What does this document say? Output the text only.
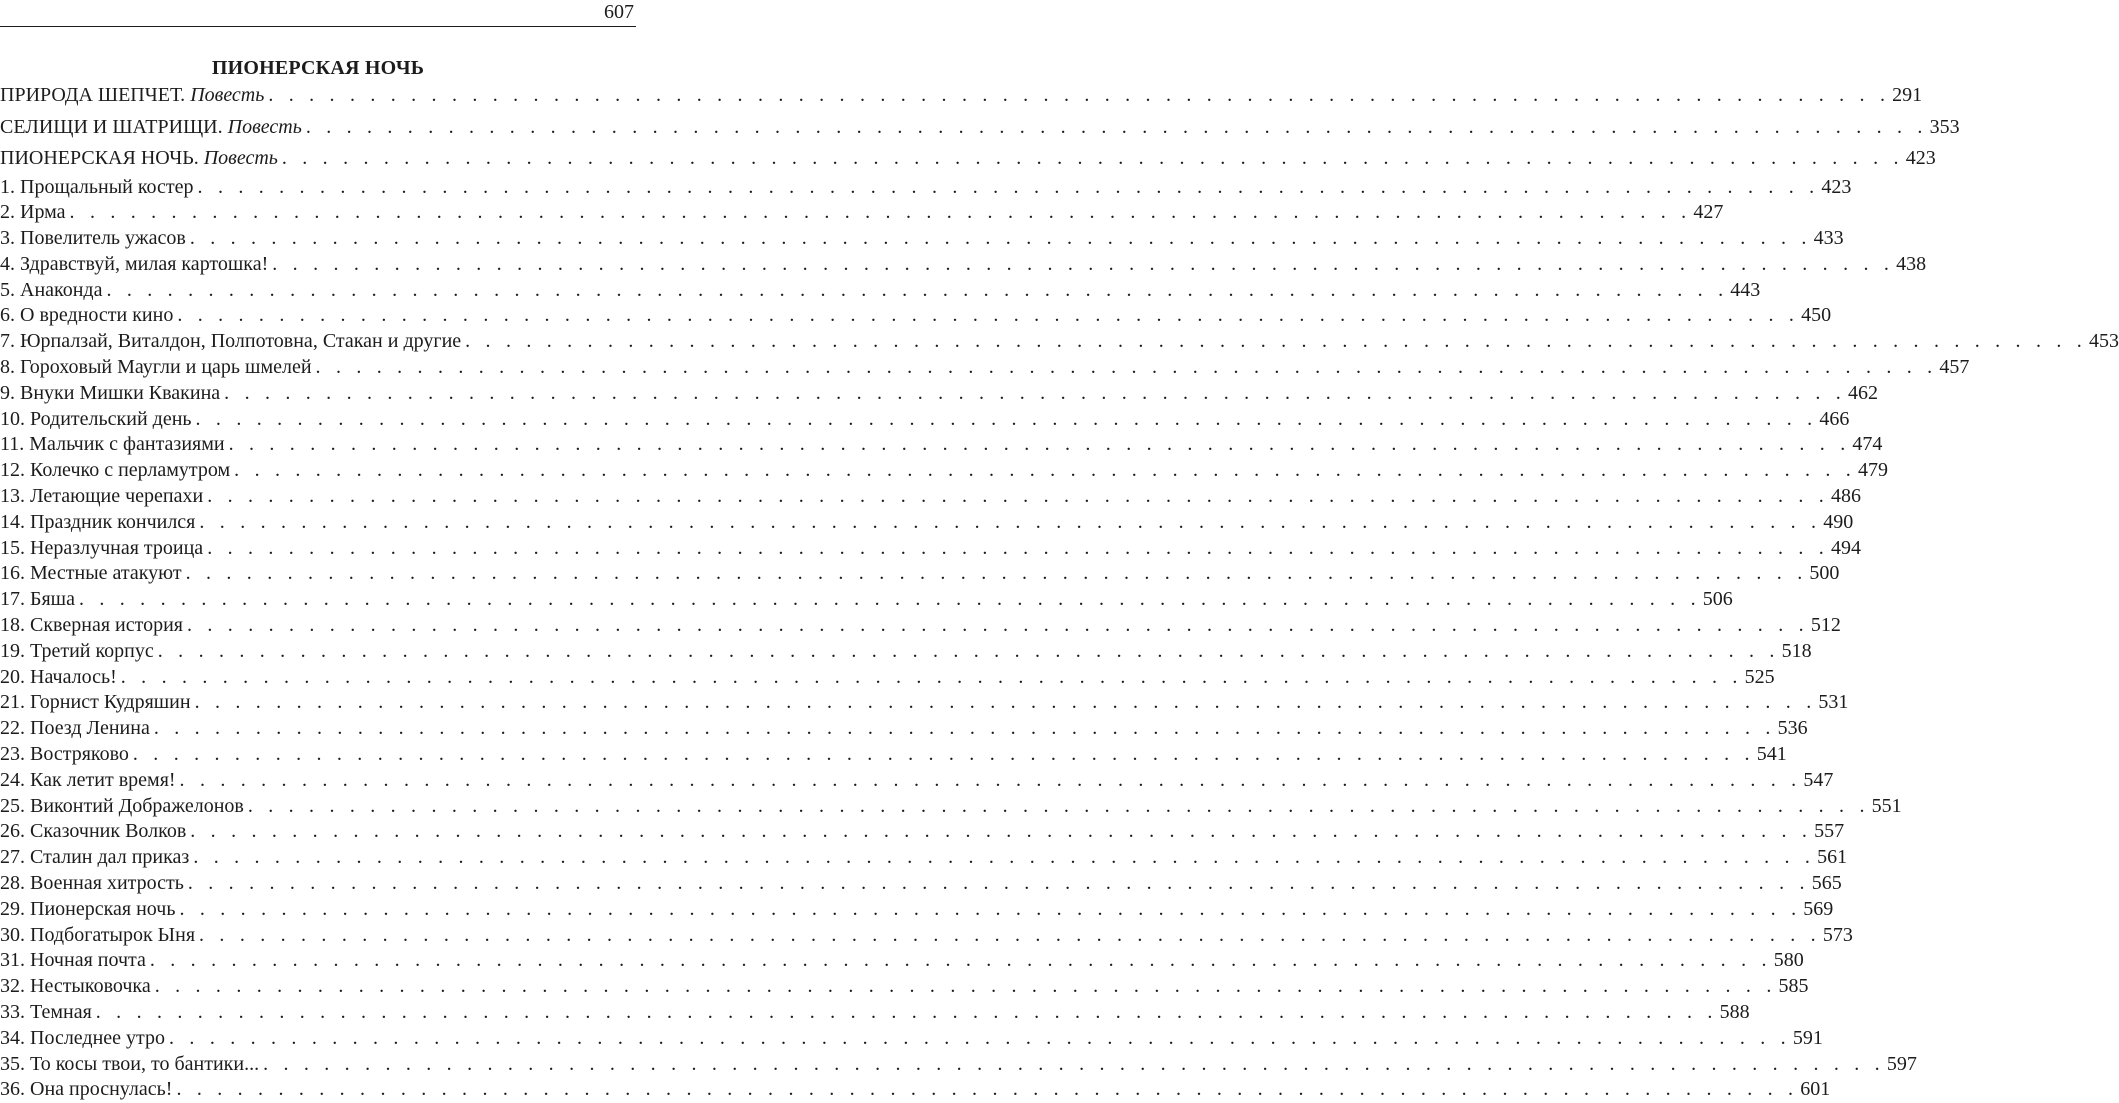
607
ПИОНЕРСКАЯ НОЧЬ
ПРИРОДА ШЕПЧЕТ.
Повесть . . . . . . . . . . . . . . . . . . . . . . . . . . . . . . . . . . . . . . . . . . . . . . . . . . . . . . . . . . . . . . . . . . . . . . . . . . . . . . . . 291
СЕЛИЩИ И ШАТРИЩИ.
Повесть . . . . . . . . . . . . . . . . . . . . . . . . . . . . . . . . . . . . . . . . . . . . . . . . . . . . . . . . . . . . . . . . . . . . . . . . . . . . . . . . 353
ПИОНЕРСКАЯ НОЧЬ.
Повесть . . . . . . . . . . . . . . . . . . . . . . . . . . . . . . . . . . . . . . . . . . . . . . . . . . . . . . . . . . . . . . . . . . . . . . . . . . . . . . . . 423
1. Прощальный костер . . . . . . . . . . . . . . . . . . . . . . . . . . . . . . . . . . . . . . . . . . . . . . . . . . . . . . . . . . . . . . . . . . . . . . . . . . . . . . . . 423
2. Ирма . . . . . . . . . . . . . . . . . . . . . . . . . . . . . . . . . . . . . . . . . . . . . . . . . . . . . . . . . . . . . . . . . . . . . . . . . . . . . . . . 427
3. Повелитель ужасов . . . . . . . . . . . . . . . . . . . . . . . . . . . . . . . . . . . . . . . . . . . . . . . . . . . . . . . . . . . . . . . . . . . . . . . . . . . . . . . . 433
4. Здравствуй, милая картошка! . . . . . . . . . . . . . . . . . . . . . . . . . . . . . . . . . . . . . . . . . . . . . . . . . . . . . . . . . . . . . . . . . . . . . . . . . . . . . . . . 438
5. Анаконда . . . . . . . . . . . . . . . . . . . . . . . . . . . . . . . . . . . . . . . . . . . . . . . . . . . . . . . . . . . . . . . . . . . . . . . . . . . . . . . . 443
6. О вредности кино . . . . . . . . . . . . . . . . . . . . . . . . . . . . . . . . . . . . . . . . . . . . . . . . . . . . . . . . . . . . . . . . . . . . . . . . . . . . . . . . 450
7. Юрпалзай, Виталдон, Полпотовна, Стакан и другие . . . . . . . . . . . . . . . . . . . . . . . . . . . . . . . . . . . . . . . . . . . . . . . . . . . . . . . . . . . . . . . . . . . . . . . . . . . . . . . . 453
8. Гороховый Маугли и царь шмелей . . . . . . . . . . . . . . . . . . . . . . . . . . . . . . . . . . . . . . . . . . . . . . . . . . . . . . . . . . . . . . . . . . . . . . . . . . . . . . . . 457
9. Внуки Мишки Квакина . . . . . . . . . . . . . . . . . . . . . . . . . . . . . . . . . . . . . . . . . . . . . . . . . . . . . . . . . . . . . . . . . . . . . . . . . . . . . . . . 462
10. Родительский день . . . . . . . . . . . . . . . . . . . . . . . . . . . . . . . . . . . . . . . . . . . . . . . . . . . . . . . . . . . . . . . . . . . . . . . . . . . . . . . . 466
11. Мальчик с фантазиями . . . . . . . . . . . . . . . . . . . . . . . . . . . . . . . . . . . . . . . . . . . . . . . . . . . . . . . . . . . . . . . . . . . . . . . . . . . . . . . . 474
12. Колечко с перламутром . . . . . . . . . . . . . . . . . . . . . . . . . . . . . . . . . . . . . . . . . . . . . . . . . . . . . . . . . . . . . . . . . . . . . . . . . . . . . . . . 479
13. Летающие черепахи . . . . . . . . . . . . . . . . . . . . . . . . . . . . . . . . . . . . . . . . . . . . . . . . . . . . . . . . . . . . . . . . . . . . . . . . . . . . . . . . 486
14. Праздник кончился . . . . . . . . . . . . . . . . . . . . . . . . . . . . . . . . . . . . . . . . . . . . . . . . . . . . . . . . . . . . . . . . . . . . . . . . . . . . . . . . 490
15. Неразлучная троица . . . . . . . . . . . . . . . . . . . . . . . . . . . . . . . . . . . . . . . . . . . . . . . . . . . . . . . . . . . . . . . . . . . . . . . . . . . . . . . . 494
16. Местные атакуют . . . . . . . . . . . . . . . . . . . . . . . . . . . . . . . . . . . . . . . . . . . . . . . . . . . . . . . . . . . . . . . . . . . . . . . . . . . . . . . . 500
17. Бяша . . . . . . . . . . . . . . . . . . . . . . . . . . . . . . . . . . . . . . . . . . . . . . . . . . . . . . . . . . . . . . . . . . . . . . . . . . . . . . . . 506
18. Скверная история . . . . . . . . . . . . . . . . . . . . . . . . . . . . . . . . . . . . . . . . . . . . . . . . . . . . . . . . . . . . . . . . . . . . . . . . . . . . . . . . 512
19. Третий корпус . . . . . . . . . . . . . . . . . . . . . . . . . . . . . . . . . . . . . . . . . . . . . . . . . . . . . . . . . . . . . . . . . . . . . . . . . . . . . . . . 518
20. Началось! . . . . . . . . . . . . . . . . . . . . . . . . . . . . . . . . . . . . . . . . . . . . . . . . . . . . . . . . . . . . . . . . . . . . . . . . . . . . . . . . 525
21. Горнист Кудряшин . . . . . . . . . . . . . . . . . . . . . . . . . . . . . . . . . . . . . . . . . . . . . . . . . . . . . . . . . . . . . . . . . . . . . . . . . . . . . . . . 531
22. Поезд Ленина . . . . . . . . . . . . . . . . . . . . . . . . . . . . . . . . . . . . . . . . . . . . . . . . . . . . . . . . . . . . . . . . . . . . . . . . . . . . . . . . 536
23. Востряково . . . . . . . . . . . . . . . . . . . . . . . . . . . . . . . . . . . . . . . . . . . . . . . . . . . . . . . . . . . . . . . . . . . . . . . . . . . . . . . . 541
24. Как летит время! . . . . . . . . . . . . . . . . . . . . . . . . . . . . . . . . . . . . . . . . . . . . . . . . . . . . . . . . . . . . . . . . . . . . . . . . . . . . . . . . 547
25. Виконтий Дображелонов . . . . . . . . . . . . . . . . . . . . . . . . . . . . . . . . . . . . . . . . . . . . . . . . . . . . . . . . . . . . . . . . . . . . . . . . . . . . . . . . 551
26. Сказочник Волков . . . . . . . . . . . . . . . . . . . . . . . . . . . . . . . . . . . . . . . . . . . . . . . . . . . . . . . . . . . . . . . . . . . . . . . . . . . . . . . . 557
27. Сталин дал приказ . . . . . . . . . . . . . . . . . . . . . . . . . . . . . . . . . . . . . . . . . . . . . . . . . . . . . . . . . . . . . . . . . . . . . . . . . . . . . . . . 561
28. Военная хитрость . . . . . . . . . . . . . . . . . . . . . . . . . . . . . . . . . . . . . . . . . . . . . . . . . . . . . . . . . . . . . . . . . . . . . . . . . . . . . . . . 565
29. Пионерская ночь . . . . . . . . . . . . . . . . . . . . . . . . . . . . . . . . . . . . . . . . . . . . . . . . . . . . . . . . . . . . . . . . . . . . . . . . . . . . . . . . 569
30. Подбогатырок Ыня . . . . . . . . . . . . . . . . . . . . . . . . . . . . . . . . . . . . . . . . . . . . . . . . . . . . . . . . . . . . . . . . . . . . . . . . . . . . . . . . 573
31. Ночная почта . . . . . . . . . . . . . . . . . . . . . . . . . . . . . . . . . . . . . . . . . . . . . . . . . . . . . . . . . . . . . . . . . . . . . . . . . . . . . . . . 580
32. Нестыковочка . . . . . . . . . . . . . . . . . . . . . . . . . . . . . . . . . . . . . . . . . . . . . . . . . . . . . . . . . . . . . . . . . . . . . . . . . . . . . . . . 585
33. Темная . . . . . . . . . . . . . . . . . . . . . . . . . . . . . . . . . . . . . . . . . . . . . . . . . . . . . . . . . . . . . . . . . . . . . . . . . . . . . . . . 588
34. Последнее утро . . . . . . . . . . . . . . . . . . . . . . . . . . . . . . . . . . . . . . . . . . . . . . . . . . . . . . . . . . . . . . . . . . . . . . . . . . . . . . . . 591
35. То косы твои, то бантики... . . . . . . . . . . . . . . . . . . . . . . . . . . . . . . . . . . . . . . . . . . . . . . . . . . . . . . . . . . . . . . . . . . . . . . . . . . . . . . . . 597
36. Она проснулась! . . . . . . . . . . . . . . . . . . . . . . . . . . . . . . . . . . . . . . . . . . . . . . . . . . . . . . . . . . . . . . . . . . . . . . . . . . . . . . . . 601
